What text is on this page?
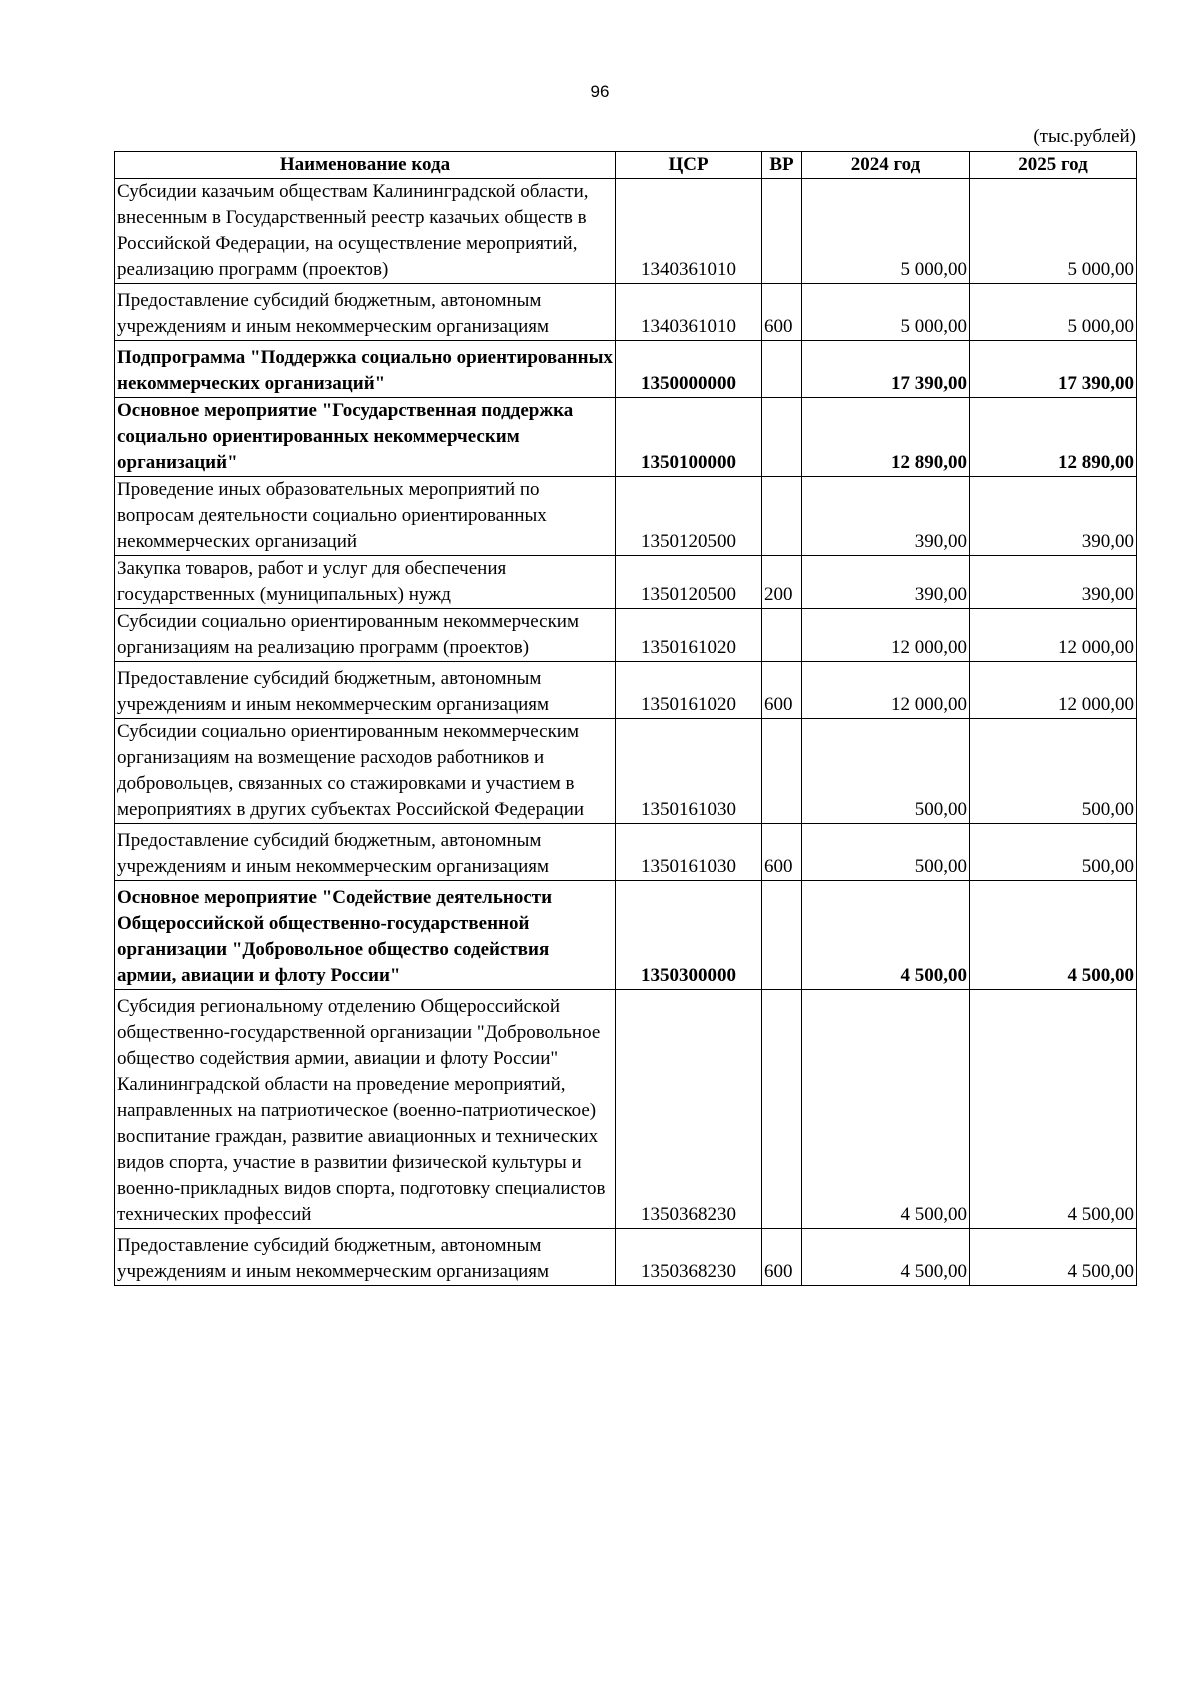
96
(тыс.рублей)
Наименование кода	ЦСР	ВР	2024 год	2025 год
Субсидии казачьим обществам Калининградской области, внесенным в Государственный реестр казачьих обществ в Российской Федерации, на осуществление мероприятий, реализацию программ (проектов)	1340361010		5 000,00	5 000,00
Предоставление субсидий бюджетным, автономным учреждениям и иным некоммерческим организациям	1340361010	600	5 000,00	5 000,00
Подпрограмма "Поддержка социально ориентированных некоммерческих организаций"	1350000000		17 390,00	17 390,00
Основное мероприятие "Государственная поддержка социально ориентированных некоммерческим организаций"	1350100000		12 890,00	12 890,00
Проведение иных образовательных мероприятий по вопросам деятельности социально ориентированных некоммерческих организаций	1350120500		390,00	390,00
Закупка товаров, работ и услуг для обеспечения государственных (муниципальных) нужд	1350120500	200	390,00	390,00
Субсидии социально ориентированным некоммерческим организациям на реализацию программ (проектов)	1350161020		12 000,00	12 000,00
Предоставление субсидий бюджетным, автономным учреждениям и иным некоммерческим организациям	1350161020	600	12 000,00	12 000,00
Субсидии социально ориентированным некоммерческим организациям на возмещение расходов работников и добровольцев, связанных со стажировками и участием в мероприятиях в других субъектах Российской Федерации	1350161030		500,00	500,00
Предоставление субсидий бюджетным, автономным учреждениям и иным некоммерческим организациям	1350161030	600	500,00	500,00
Основное мероприятие "Содействие деятельности Общероссийской общественно-государственной организации "Добровольное общество содействия армии, авиации и флоту России"	1350300000		4 500,00	4 500,00
Субсидия региональному отделению Общероссийской общественно-государственной организации "Добровольное общество содействия армии, авиации и флоту России" Калининградской области на проведение мероприятий, направленных на патриотическое (военно-патриотическое) воспитание граждан, развитие авиационных и технических видов спорта, участие в развитии физической культуры и военно-прикладных видов спорта, подготовку специалистов технических профессий	1350368230		4 500,00	4 500,00
Предоставление субсидий бюджетным, автономным учреждениям и иным некоммерческим организациям	1350368230	600	4 500,00	4 500,00
